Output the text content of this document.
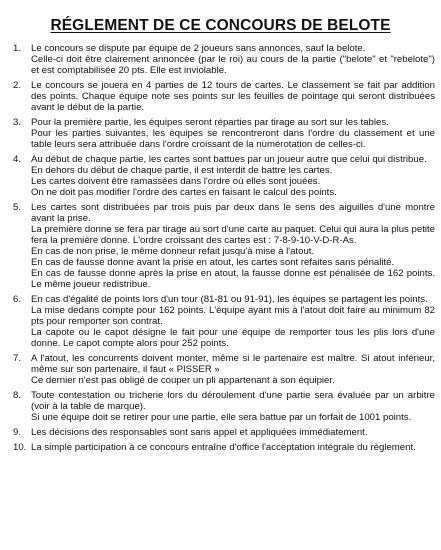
RÉGLEMENT DE CE CONCOURS DE BELOTE
1. Le concours se dispute par équipe de 2 joueurs sans annonces, sauf la belote.
Celle-ci doit être clairement annoncée (par le roi) au cours de la partie ("belote" et "rebelote") et est comptabilisée 20 pts. Elle est inviolable.
2. Le concours se jouera en 4 parties de 12 tours de cartes. Le classement se fait par addition des points. Chaque équipe note ses points sur les feuilles de pointage qui seront distribuées avant le début de la partie.
3. Pour la première partie, les équipes seront réparties par tirage au sort sur les tables.
Pour les parties suivantes, les équipes se rencontreront dans l'ordre du classement et une table leurs sera attribuée dans l'ordre croissant de la numérotation de celles-ci.
4. Au début de chaque partie, les cartes sont battues par un joueur autre que celui qui distribue.
En dehors du début de chaque partie, il est interdit de battre les cartes.
Les cartes doivent être ramassées dans l'ordre où elles sont jouées.
On ne doit pas modifier l'ordre des cartes en faisant le calcul des points.
5. Les cartes sont distribuées par trois puis par deux dans le sens des aiguilles d'une montre avant la prise.
La première donne se fera par tirage au sort d'une carte au paquet. Celui qui aura la plus petite fera la première donne. L'ordre croissant des cartes est : 7-8-9-10-V-D-R-As.
En cas de non prise, le même donneur refait jusqu'à mise à l'atout.
En cas de fausse donne avant la prise en atout, les cartes sont refaites sans pénalité.
En cas de fausse donne après la prise en atout, la fausse donne est pénalisée de 162 points. Le même joueur redistribue.
6. En cas d'égalité de points lors d'un tour (81-81 ou 91-91), les équipes se partagent les points.
La mise dedans compte pour 162 points. L'équipe ayant mis à l'atout doit faire au minimum 82 pts pour remporter son contrat.
La capote ou le capot désigne le fait pour une équipe de remporter tous les plis lors d'une donne. Le capot compte alors pour 252 points.
7. A l'atout, les concurrents doivent monter, même si le partenaire est maître. Si atout inférieur, même sur son partenaire, il faut « PISSER »
Ce dernier n'est pas obligé de couper un pli appartenant à son équipier.
8. Toute contestation ou tricherie lors du déroulement d'une partie sera évaluée par un arbitre (voir à la table de marque).
Si une équipe doit se retirer pour une partie, elle sera battue par un forfait de 1001 points.
9. Les décisions des responsables sont sans appel et appliquées immédiatement.
10. La simple participation à ce concours entraîne d'office l'acceptation intégrale du règlement.
